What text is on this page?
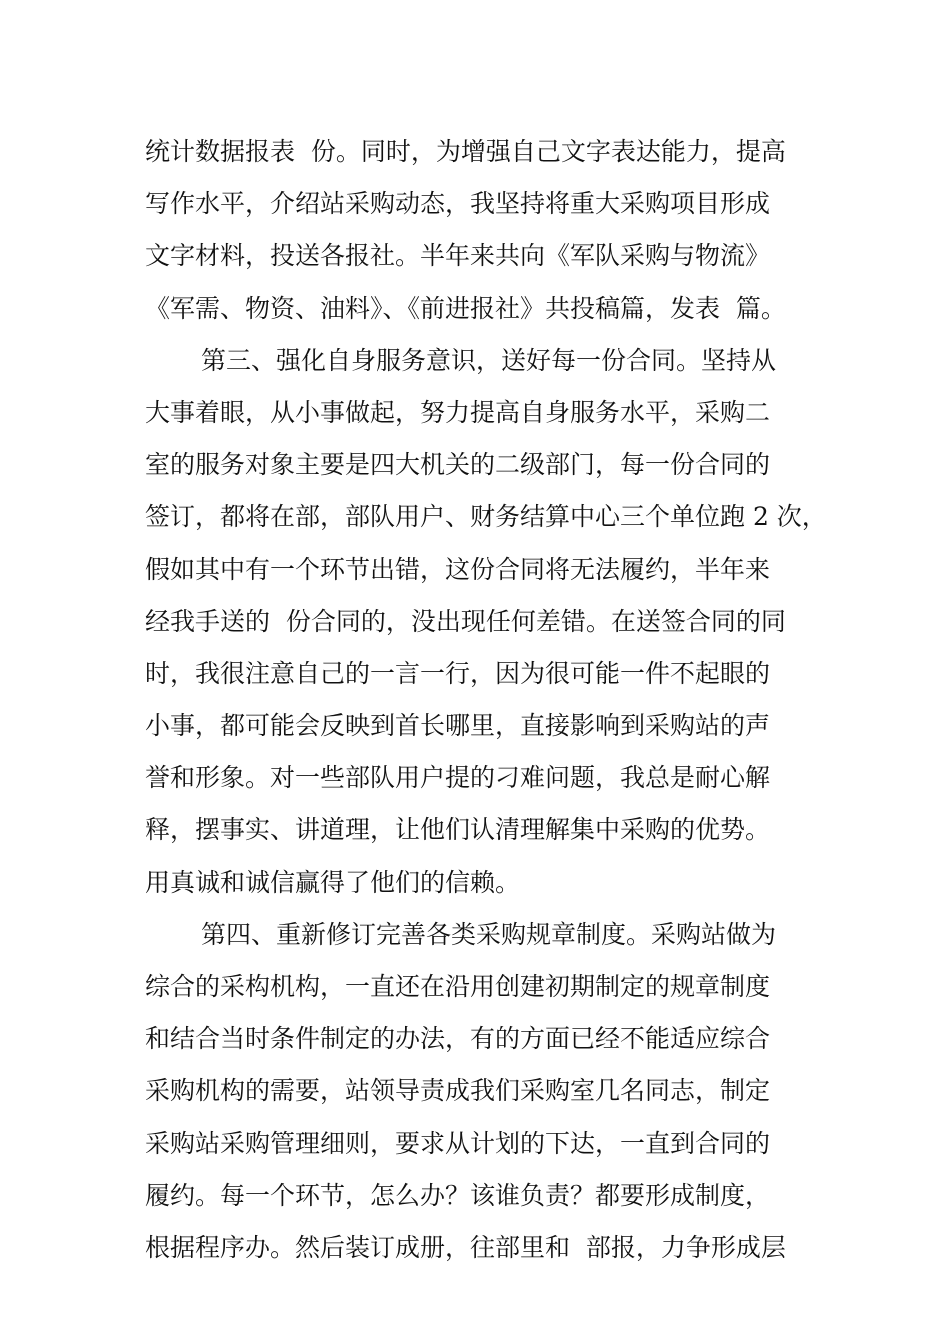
统计数据报表  份。同时，为增强自己文字表达能力，提高
写作水平，介绍站采购动态，我坚持将重大采购项目形成
文字材料，投送各报社。半年来共向《军队采购与物流》
《军需、物资、油料》、《前进报社》共投稿篇，发表  篇。
第三、强化自身服务意识，送好每一份合同。坚持从
大事着眼，从小事做起，努力提高自身服务水平，采购二
室的服务对象主要是四大机关的二级部门，每一份合同的
签订，都将在部，部队用户、财务结算中心三个单位跑 2 次，
假如其中有一个环节出错，这份合同将无法履约，半年来
经我手送的  份合同的，没出现任何差错。在送签合同的同
时，我很注意自己的一言一行，因为很可能一件不起眼的
小事，都可能会反映到首长哪里，直接影响到采购站的声
誉和形象。对一些部队用户提的刁难问题，我总是耐心解
释，摆事实、讲道理，让他们认清理解集中采购的优势。
用真诚和诚信赢得了他们的信赖。
第四、重新修订完善各类采购规章制度。采购站做为
综合的采构机构，一直还在沿用创建初期制定的规章制度
和结合当时条件制定的办法，有的方面已经不能适应综合
采购机构的需要，站领导责成我们采购室几名同志，制定
采购站采购管理细则，要求从计划的下达，一直到合同的
履约。每一个环节，怎么办？该谁负责？都要形成制度，
根据程序办。然后装订成册，往部里和  部报，力争形成层
